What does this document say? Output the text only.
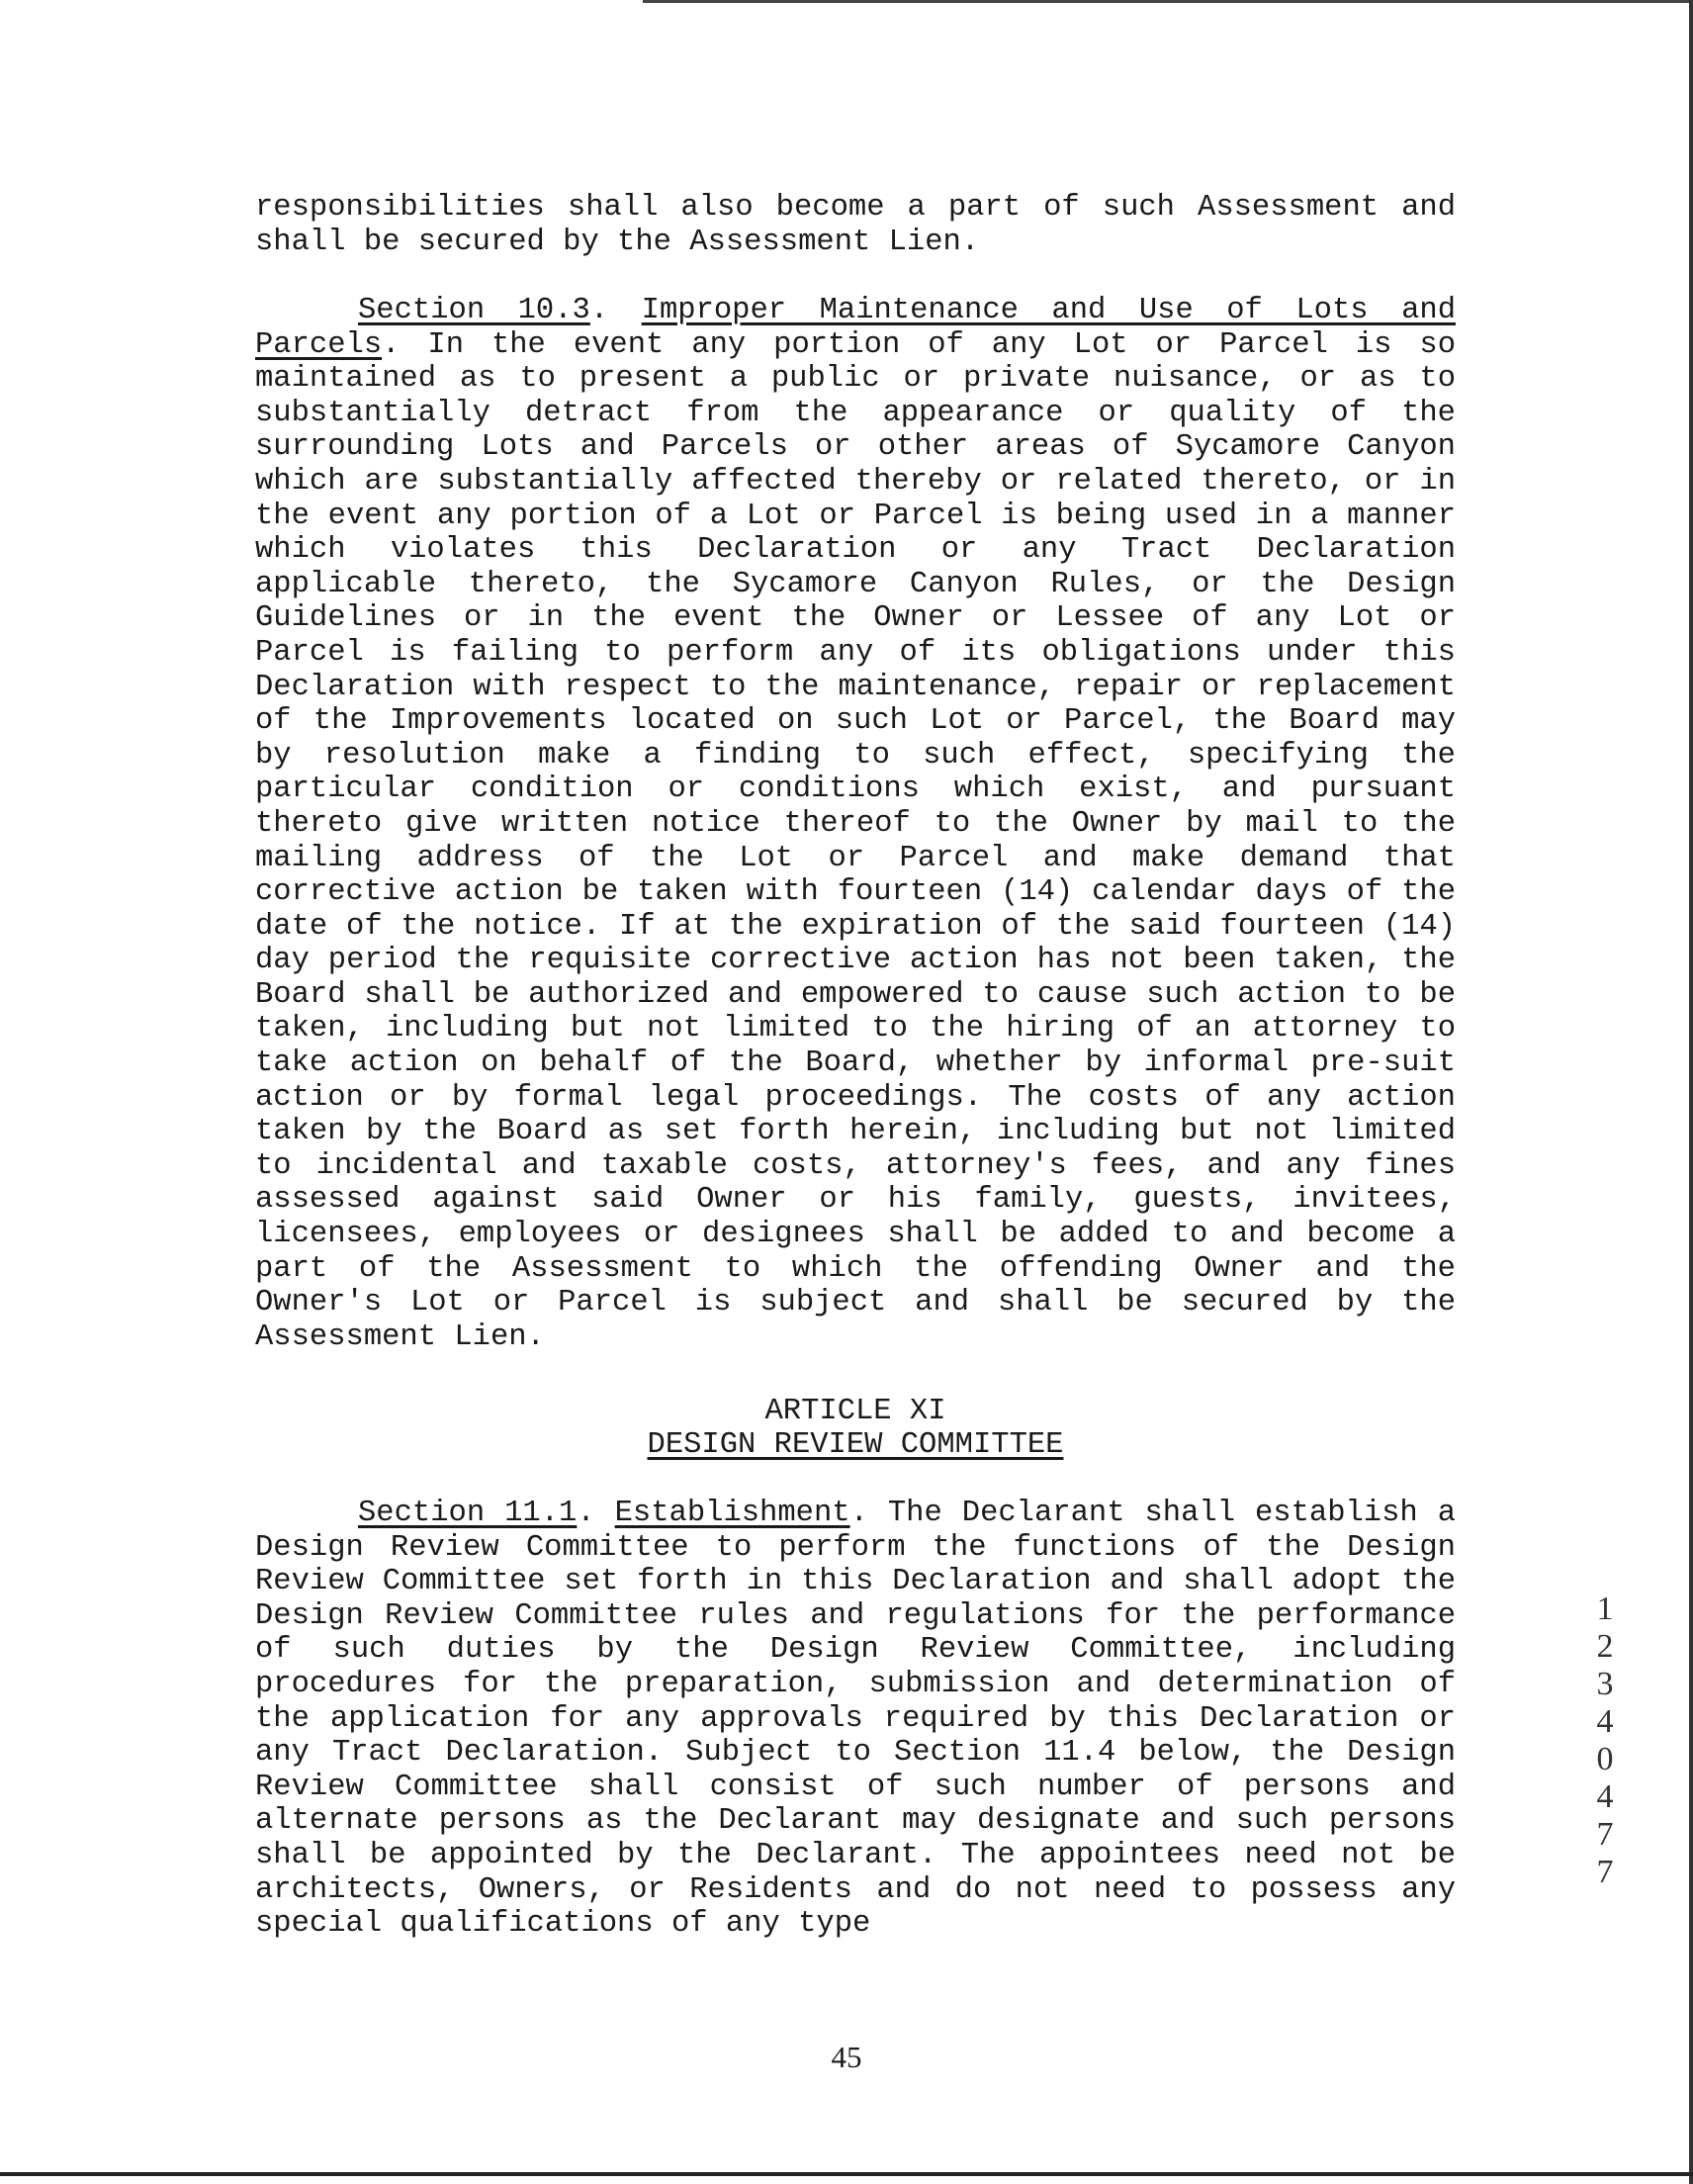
responsibilities shall also become a part of such Assessment and shall be secured by the Assessment Lien.

Section 10.3. Improper Maintenance and Use of Lots and Parcels. In the event any portion of any Lot or Parcel is so maintained as to present a public or private nuisance, or as to substantially detract from the appearance or quality of the surrounding Lots and Parcels or other areas of Sycamore Canyon which are substantially affected thereby or related thereto, or in the event any portion of a Lot or Parcel is being used in a manner which violates this Declaration or any Tract Declaration applicable thereto, the Sycamore Canyon Rules, or the Design Guidelines or in the event the Owner or Lessee of any Lot or Parcel is failing to perform any of its obligations under this Declaration with respect to the maintenance, repair or replacement of the Improvements located on such Lot or Parcel, the Board may by resolution make a finding to such effect, specifying the particular condition or conditions which exist, and pursuant thereto give written notice thereof to the Owner by mail to the mailing address of the Lot or Parcel and make demand that corrective action be taken with fourteen (14) calendar days of the date of the notice. If at the expiration of the said fourteen (14) day period the requisite corrective action has not been taken, the Board shall be authorized and empowered to cause such action to be taken, including but not limited to the hiring of an attorney to take action on behalf of the Board, whether by informal pre-suit action or by formal legal proceedings. The costs of any action taken by the Board as set forth herein, including but not limited to incidental and taxable costs, attorney's fees, and any fines assessed against said Owner or his family, guests, invitees, licensees, employees or designees shall be added to and become a part of the Assessment to which the offending Owner and the Owner's Lot or Parcel is subject and shall be secured by the Assessment Lien.

ARTICLE XI
DESIGN REVIEW COMMITTEE

Section 11.1. Establishment. The Declarant shall establish a Design Review Committee to perform the functions of the Design Review Committee set forth in this Declaration and shall adopt the Design Review Committee rules and regulations for the performance of such duties by the Design Review Committee, including procedures for the preparation, submission and determination of the application for any approvals required by this Declaration or any Tract Declaration. Subject to Section 11.4 below, the Design Review Committee shall consist of such number of persons and alternate persons as the Declarant may designate and such persons shall be appointed by the Declarant. The appointees need not be architects, Owners, or Residents and do not need to possess any special qualifications of any type

1234 0477
45
